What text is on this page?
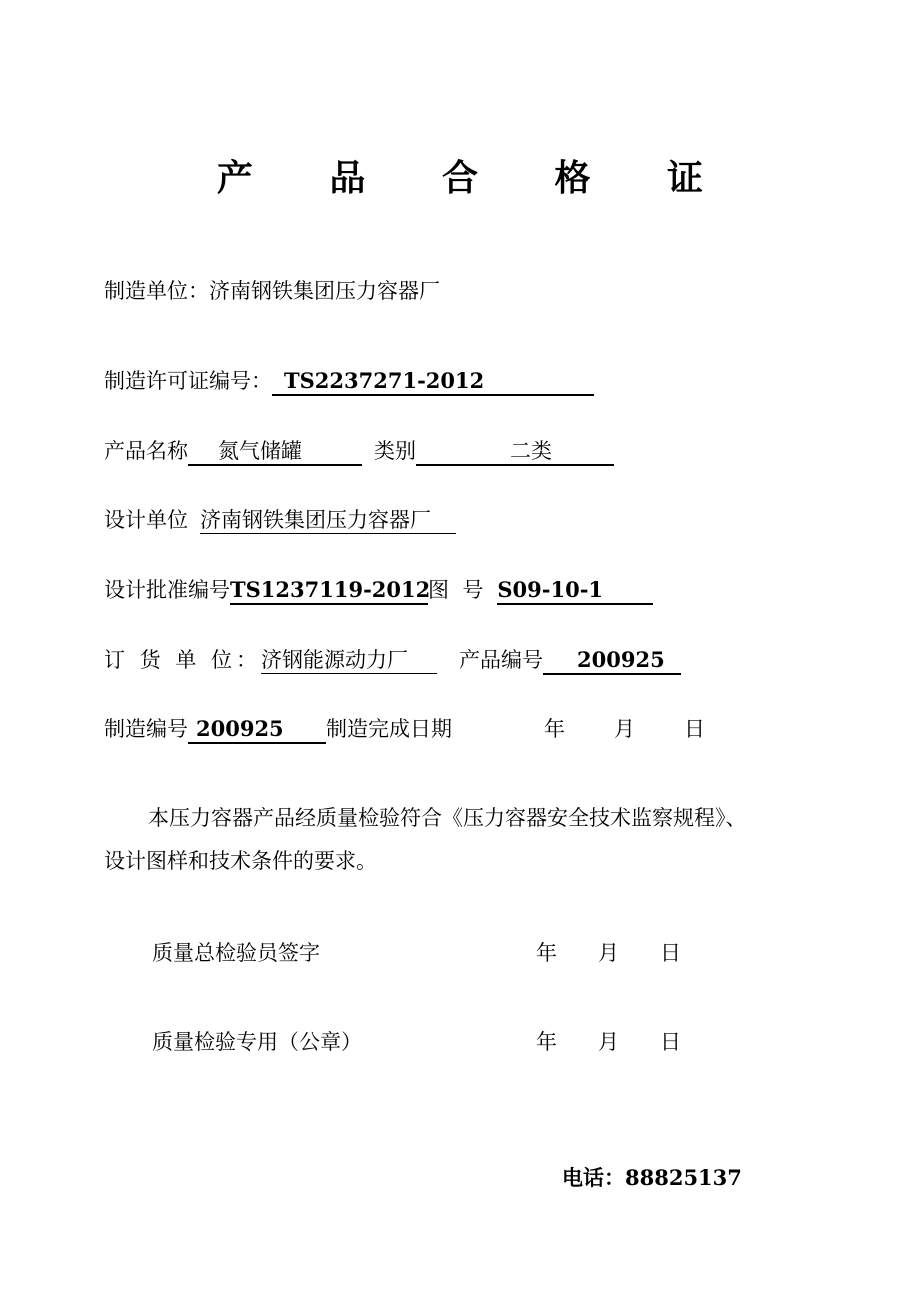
产 品 合 格 证
制造单位：济南钢铁集团压力容器厂
制造许可证编号： TS2237271-2012
产品名称 氮气储罐	类别	二类
设计单位 济南钢铁集团压力容器厂
设计批准编号TS1237119-2012图  号 S09-10-1
订 货 单 位：济钢能源动力厂 产品编号 200925
制造编号 200925 制造完成日期	年 月 日
本压力容器产品经质量检验符合《压力容器安全技术监察规程》、
设计图样和技术条件的要求。
质量总检验员签字	年 月 日
质量检验专用（公章）	年 月 日
电话：88825137
